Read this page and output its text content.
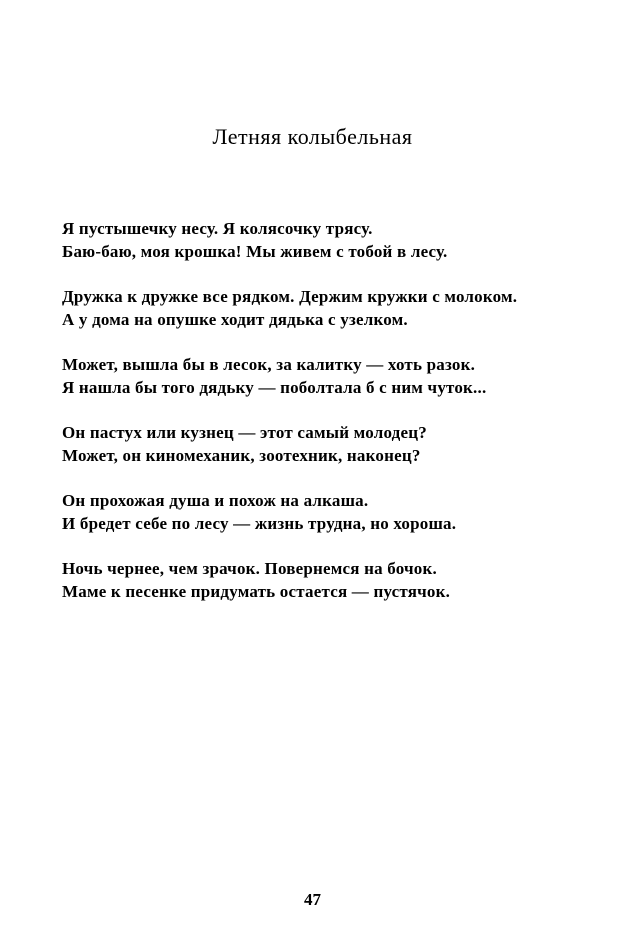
Летняя колыбельная
Я пустышечку несу. Я колясочку трясу.
Баю-баю, моя крошка! Мы живем с тобой в лесу.
Дружка к дружке все рядком. Держим кружки с молоком.
А у дома на опушке ходит дядька с узелком.
Может, вышла бы в лесок, за калитку — хоть разок.
Я нашла бы того дядьку — поболтала б с ним чуток...
Он пастух или кузнец — этот самый молодец?
Может, он киномеханик, зоотехник, наконец?
Он прохожая душа и похож на алкаша.
И бредет себе по лесу — жизнь трудна, но хороша.
Ночь чернее, чем зрачок. Повернемся на бочок.
Маме к песенке придумать остается — пустячок.
47
